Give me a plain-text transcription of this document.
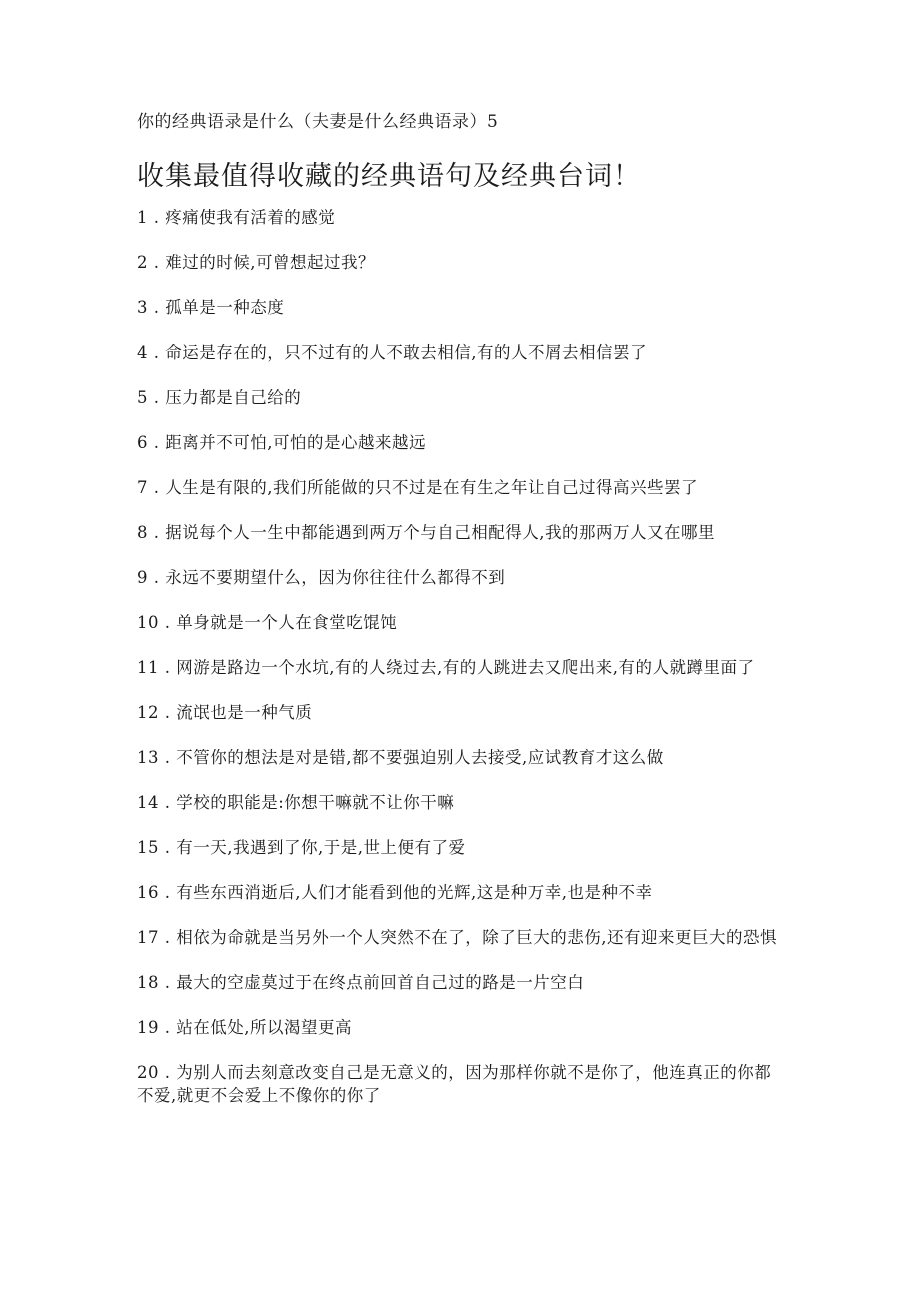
你的经典语录是什么（夫妻是什么经典语录）5

收集最值得收藏的经典语句及经典台词！
1 . 疼痛使我有活着的感觉
2 . 难过的时候,可曾想起过我？
3 . 孤单是一种态度
4 . 命运是存在的，只不过有的人不敢去相信,有的人不屑去相信罢了
5 . 压力都是自己给的
6 . 距离并不可怕,可怕的是心越来越远
7 . 人生是有限的,我们所能做的只不过是在有生之年让自己过得高兴些罢了
8 . 据说每个人一生中都能遇到两万个与自己相配得人,我的那两万人又在哪里
9 . 永远不要期望什么，因为你往往什么都得不到
10 . 单身就是一个人在食堂吃馄饨
11 . 网游是路边一个水坑,有的人绕过去,有的人跳进去又爬出来,有的人就蹲里面了
12 . 流氓也是一种气质
13 . 不管你的想法是对是错,都不要强迫别人去接受,应试教育才这么做
14 . 学校的职能是:你想干嘛就不让你干嘛
15 . 有一天,我遇到了你,于是,世上便有了爱
16 . 有些东西消逝后,人们才能看到他的光辉,这是种万幸,也是种不幸
17 . 相依为命就是当另外一个人突然不在了，除了巨大的悲伤,还有迎来更巨大的恐惧
18 . 最大的空虚莫过于在终点前回首自己过的路是一片空白
19 . 站在低处,所以渴望更高
20 . 为别人而去刻意改变自己是无意义的，因为那样你就不是你了，他连真正的你都不爱,就更不会爱上不像你的你了
